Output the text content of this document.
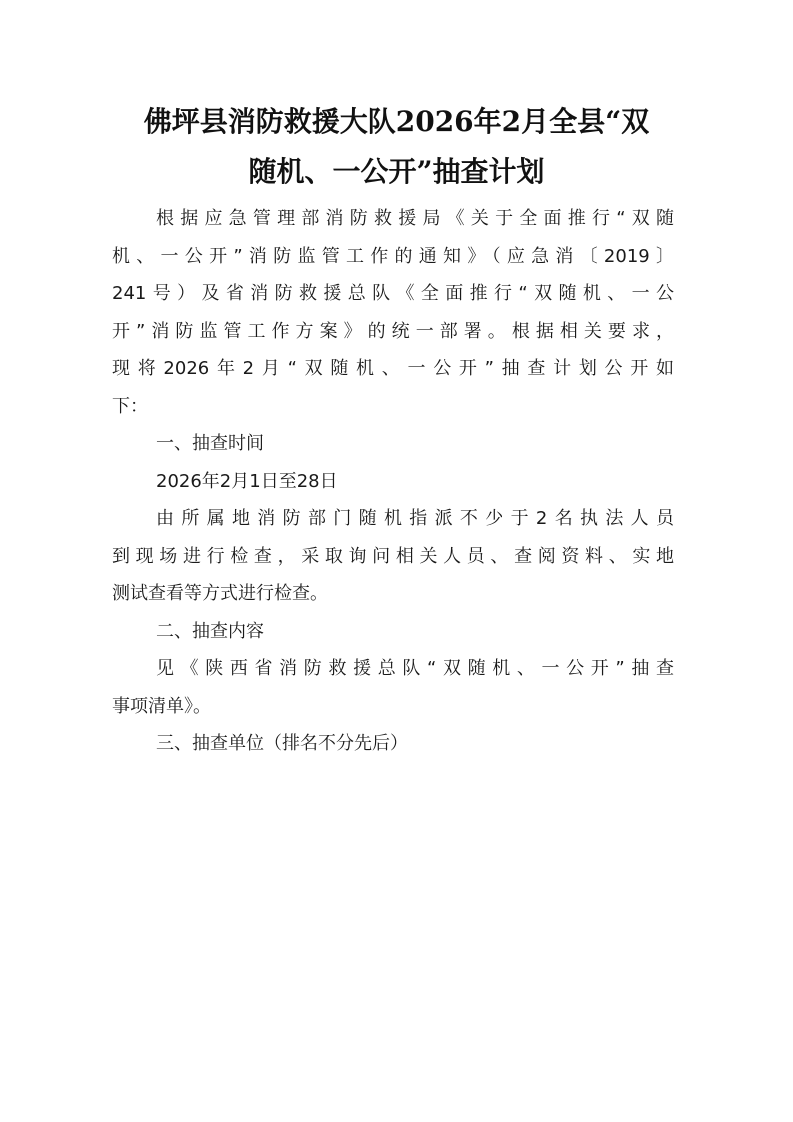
佛坪县消防救援大队2026年2月全县“双
随机、一公开”抽查计划
根据应急管理部消防救援局《关于全面推行“双随
机、一公开”消防监管工作的通知》（应急消〔2019〕
241号）及省消防救援总队《全面推行“双随机、一公
开”消防监管工作方案》的统一部署。根据相关要求，
现将2026年2月“双随机、一公开”抽查计划公开如
下：
一、抽查时间
2026年2月1日至28日
由所属地消防部门随机指派不少于2名执法人员
到现场进行检查，采取询问相关人员、查阅资料、实地
测试查看等方式进行检查。
二、抽查内容
见《陕西省消防救援总队“双随机、一公开”抽查
事项清单》。
三、抽查单位（排名不分先后）
